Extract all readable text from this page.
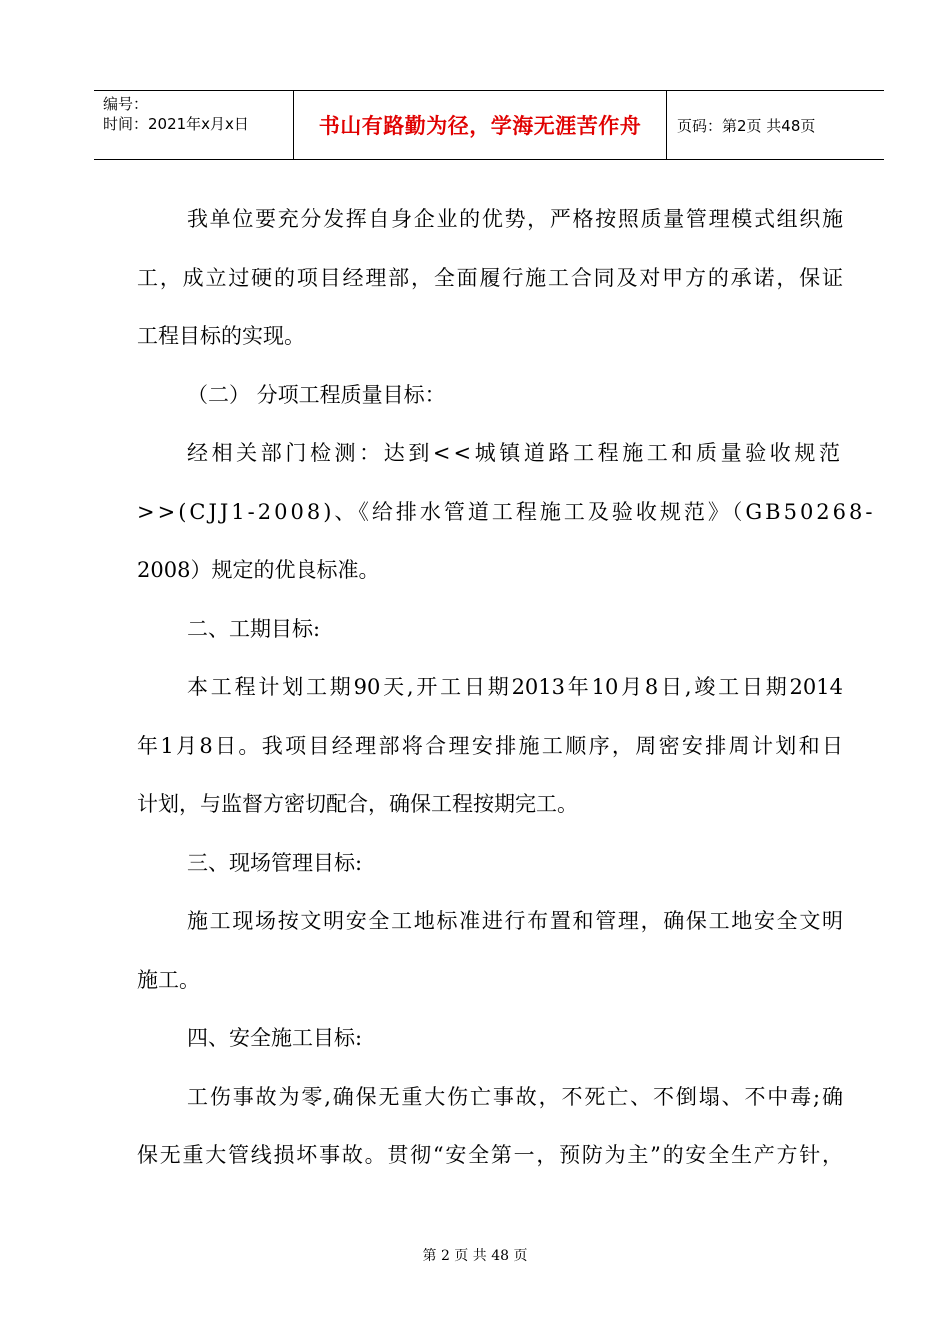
编号：
时间：2021年x月x日	书山有路勤为径，学海无涯苦作舟 页码：第2页 共48页
我单位要充分发挥自身企业的优势，严格按照质量管理模式组织施
工，成立过硬的项目经理部，全面履行施工合同及对甲方的承诺，保证
工程目标的实现。
（二） 分项工程质量目标：
经相关部门检测：达到<<城镇道路工程施工和质量验收规范
>>(CJJ1-2008)、《给排水管道工程施工及验收规范》（GB50268-
2008）规定的优良标准。
二、工期目标:
本工程计划工期90天,开工日期2013年10月8日,竣工日期2014
年1月8日。我项目经理部将合理安排施工顺序，周密安排周计划和日
计划，与监督方密切配合，确保工程按期完工。
三、现场管理目标:
施工现场按文明安全工地标准进行布置和管理，确保工地安全文明
施工。
四、安全施工目标:
工伤事故为零,确保无重大伤亡事故，不死亡、不倒塌、不中毒;确
保无重大管线损坏事故。贯彻“安全第一，预防为主”的安全生产方针，
第 2 页 共 48 页
